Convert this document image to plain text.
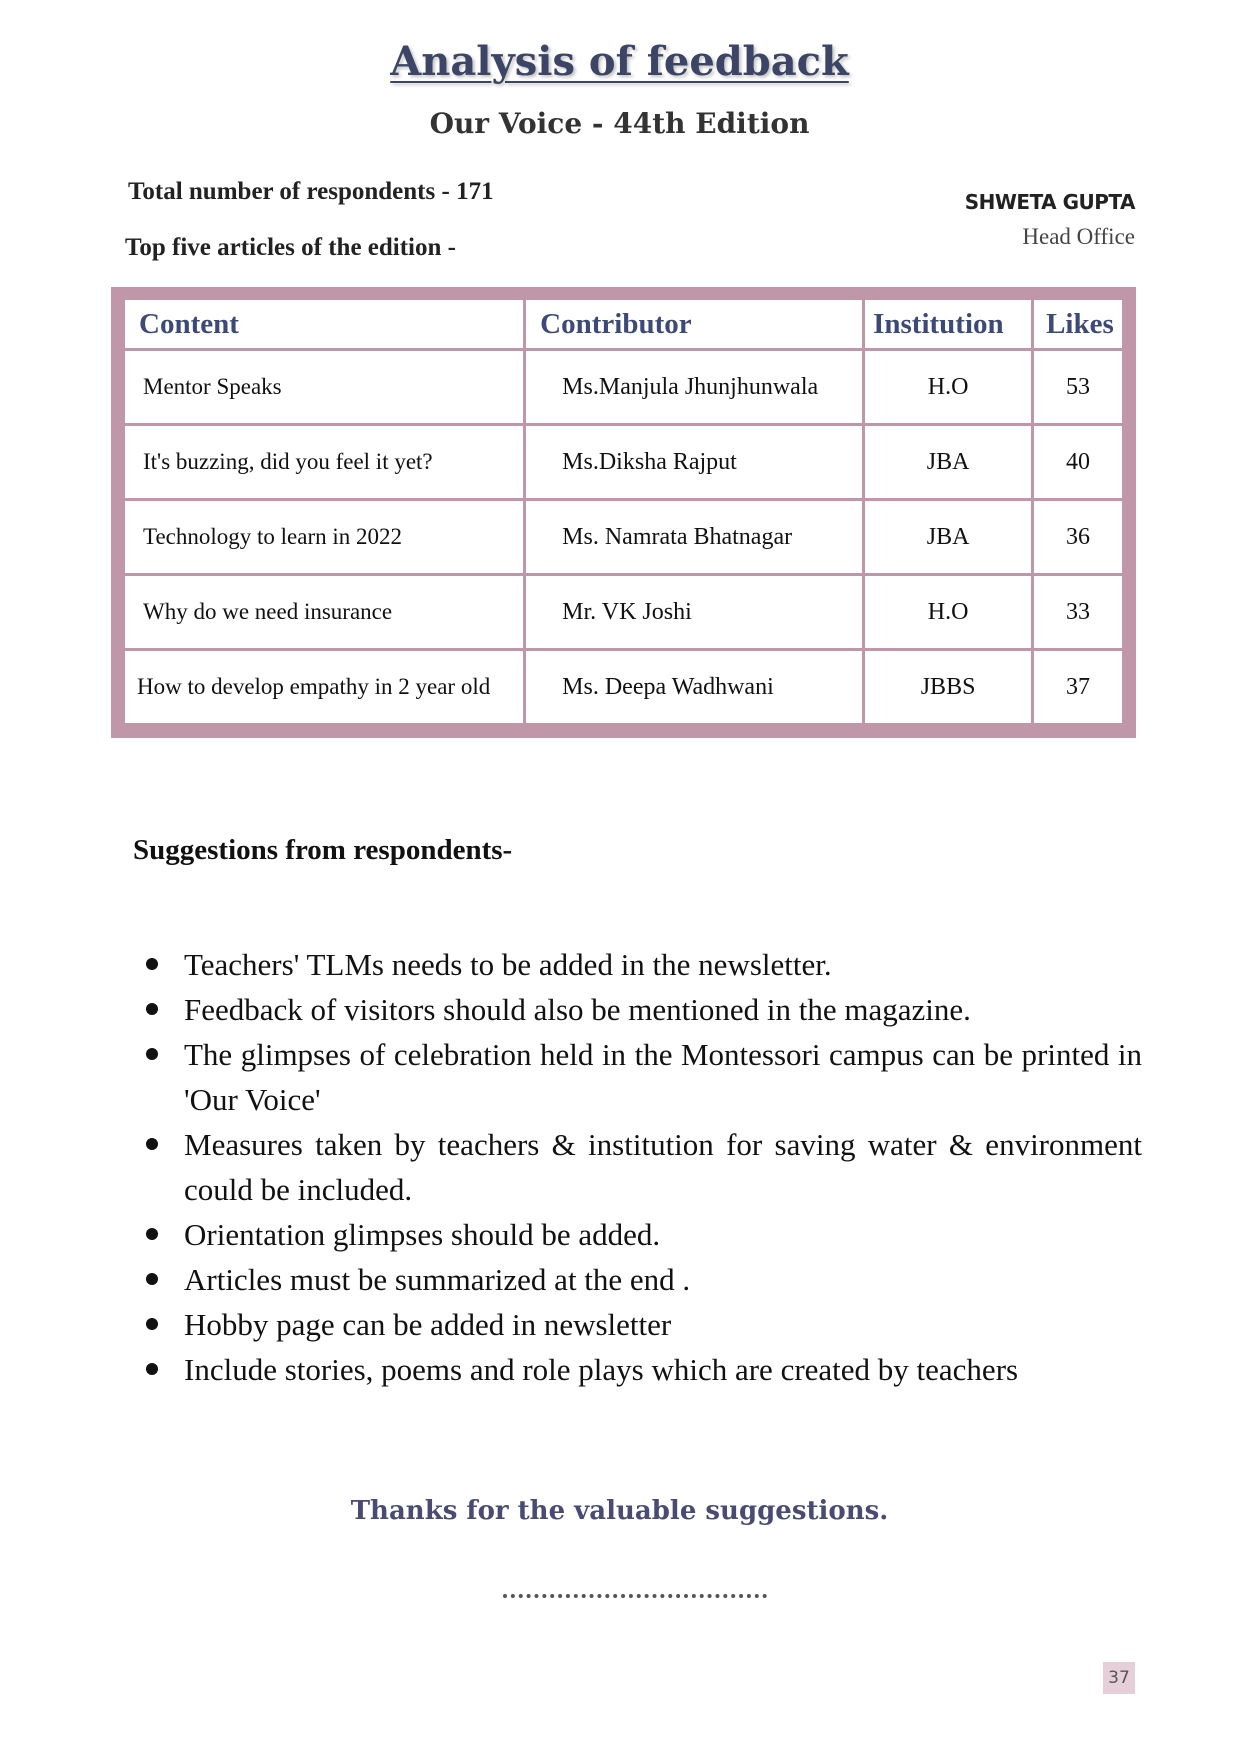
Analysis of feedback
Our Voice - 44th Edition
Total number of respondents - 171
Top five articles of the edition -
SHWETA GUPTA
Head Office
Content	Contributor	Institution	Likes
Mentor Speaks	Ms.Manjula Jhunjhunwala	H.O	53
It's buzzing, did you feel it yet?	Ms.Diksha Rajput	JBA	40
Technology to learn in 2022	Ms. Namrata Bhatnagar	JBA	36
Why do we need insurance	Mr. VK Joshi	H.O	33
How to develop empathy in 2 year old	Ms. Deepa Wadhwani	JBBS	37
Suggestions from respondents-
Teachers' TLMs needs to be added in the newsletter.
Feedback of visitors should also be mentioned in the magazine.
The glimpses of celebration held in the Montessori campus can be printed in 'Our Voice'
Measures taken by teachers & institution for saving water & environment could be included.
Orientation glimpses should be added.
Articles must be summarized at the end .
Hobby page can be added in newsletter
Include stories, poems and role plays which are created by teachers
Thanks for the valuable suggestions.
37
